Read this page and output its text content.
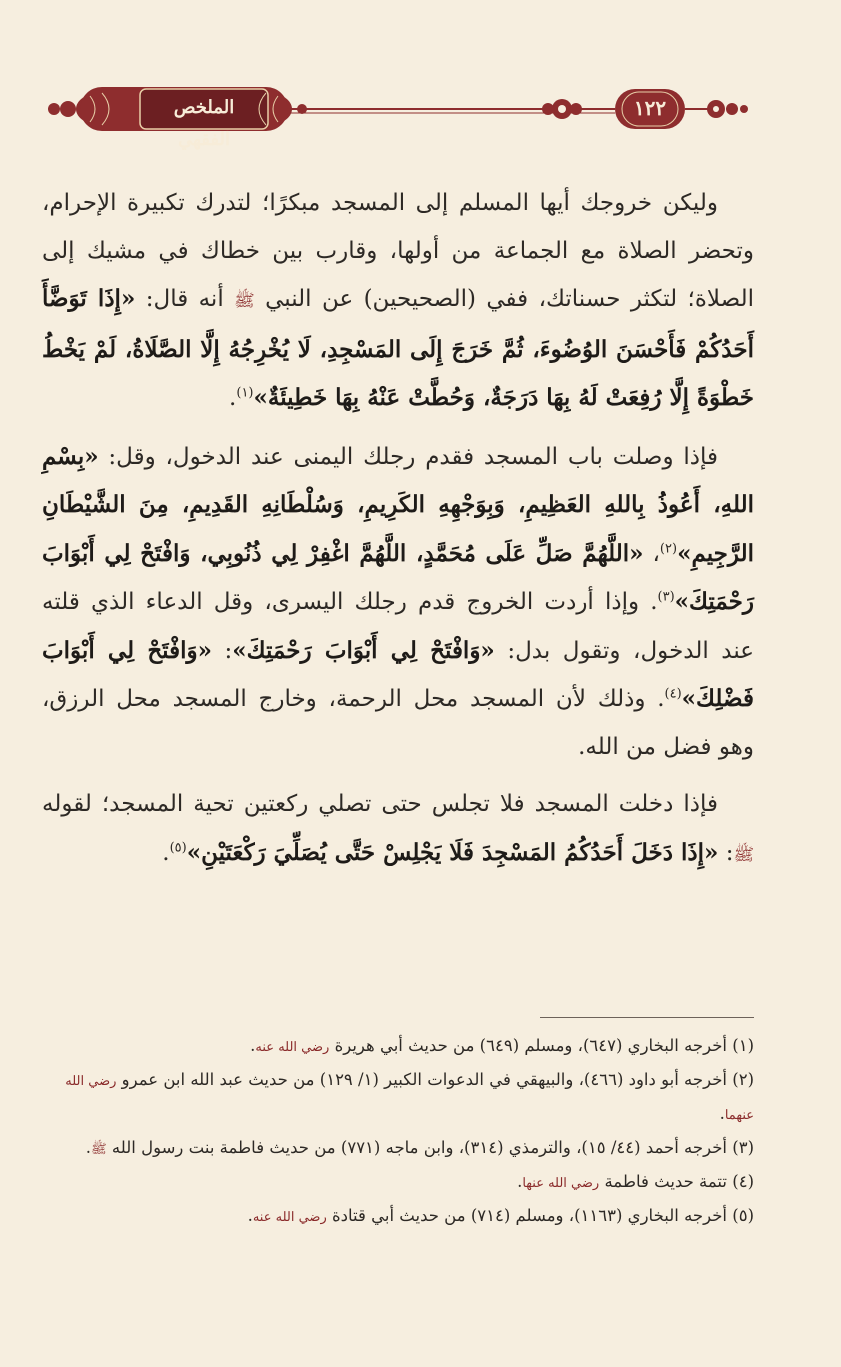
الملخص الفقهي
١٢٢

وليكن خروجك أيها المسلم إلى المسجد مبكرًا؛ لتدرك تكبيرة الإحرام، وتحضر الصلاة مع الجماعة من أولها، وقارب بين خطاك في مشيك إلى الصلاة؛ لتكثر حسناتك، ففي (الصحيحين) عن النبي ﷺ أنه قال: «إِذَا تَوَضَّأَ أَحَدُكُمْ فَأَحْسَنَ الوُضُوءَ، ثُمَّ خَرَجَ إِلَى المَسْجِدِ، لَا يُخْرِجُهُ إِلَّا الصَّلَاةُ، لَمْ يَخْطُ خَطْوَةً إِلَّا رُفِعَتْ لَهُ بِهَا دَرَجَةٌ، وَحُطَّتْ عَنْهُ بِهَا خَطِيئَةٌ»$^{(١)}$.

فإذا وصلت باب المسجد فقدم رجلك اليمنى عند الدخول، وقل: «بِسْمِ اللهِ، أَعُوذُ بِاللهِ العَظِيمِ، وَبِوَجْهِهِ الكَرِيمِ، وَسُلْطَانِهِ القَدِيمِ، مِنَ الشَّيْطَانِ الرَّجِيمِ»$^{(٢)}$، «اللَّهُمَّ صَلِّ عَلَى مُحَمَّدٍ، اللَّهُمَّ اغْفِرْ لِي ذُنُوبِي، وَافْتَحْ لِي أَبْوَابَ رَحْمَتِكَ»$^{(٣)}$. وإذا أردت الخروج قدم رجلك اليسرى، وقل الدعاء الذي قلته عند الدخول، وتقول بدل: «وَافْتَحْ لِي أَبْوَابَ رَحْمَتِكَ»: «وَافْتَحْ لِي أَبْوَابَ فَضْلِكَ»$^{(٤)}$. وذلك لأن المسجد محل الرحمة، وخارج المسجد محل الرزق، وهو فضل من الله.

فإذا دخلت المسجد فلا تجلس حتى تصلي ركعتين تحية المسجد؛ لقوله ﷺ: «إِذَا دَخَلَ أَحَدُكُمُ المَسْجِدَ فَلَا يَجْلِسْ حَتَّى يُصَلِّيَ رَكْعَتَيْنِ»$^{(٥)}$.

(١) أخرجه البخاري (٦٤٧)، ومسلم (٦٤٩) من حديث أبي هريرة رضي الله عنه.

(٢) أخرجه أبو داود (٤٦٦)، والبيهقي في الدعوات الكبير (١/ ١٢٩) من حديث عبد الله ابن عمرو رضي الله عنهما.

(٣) أخرجه أحمد (٤٤/ ١٥)، والترمذي (٣١٤)، وابن ماجه (٧٧١) من حديث فاطمة بنت رسول الله ﷺ.

(٤) تتمة حديث فاطمة رضي الله عنها.

(٥) أخرجه البخاري (١١٦٣)، ومسلم (٧١٤) من حديث أبي قتادة رضي الله عنه.
